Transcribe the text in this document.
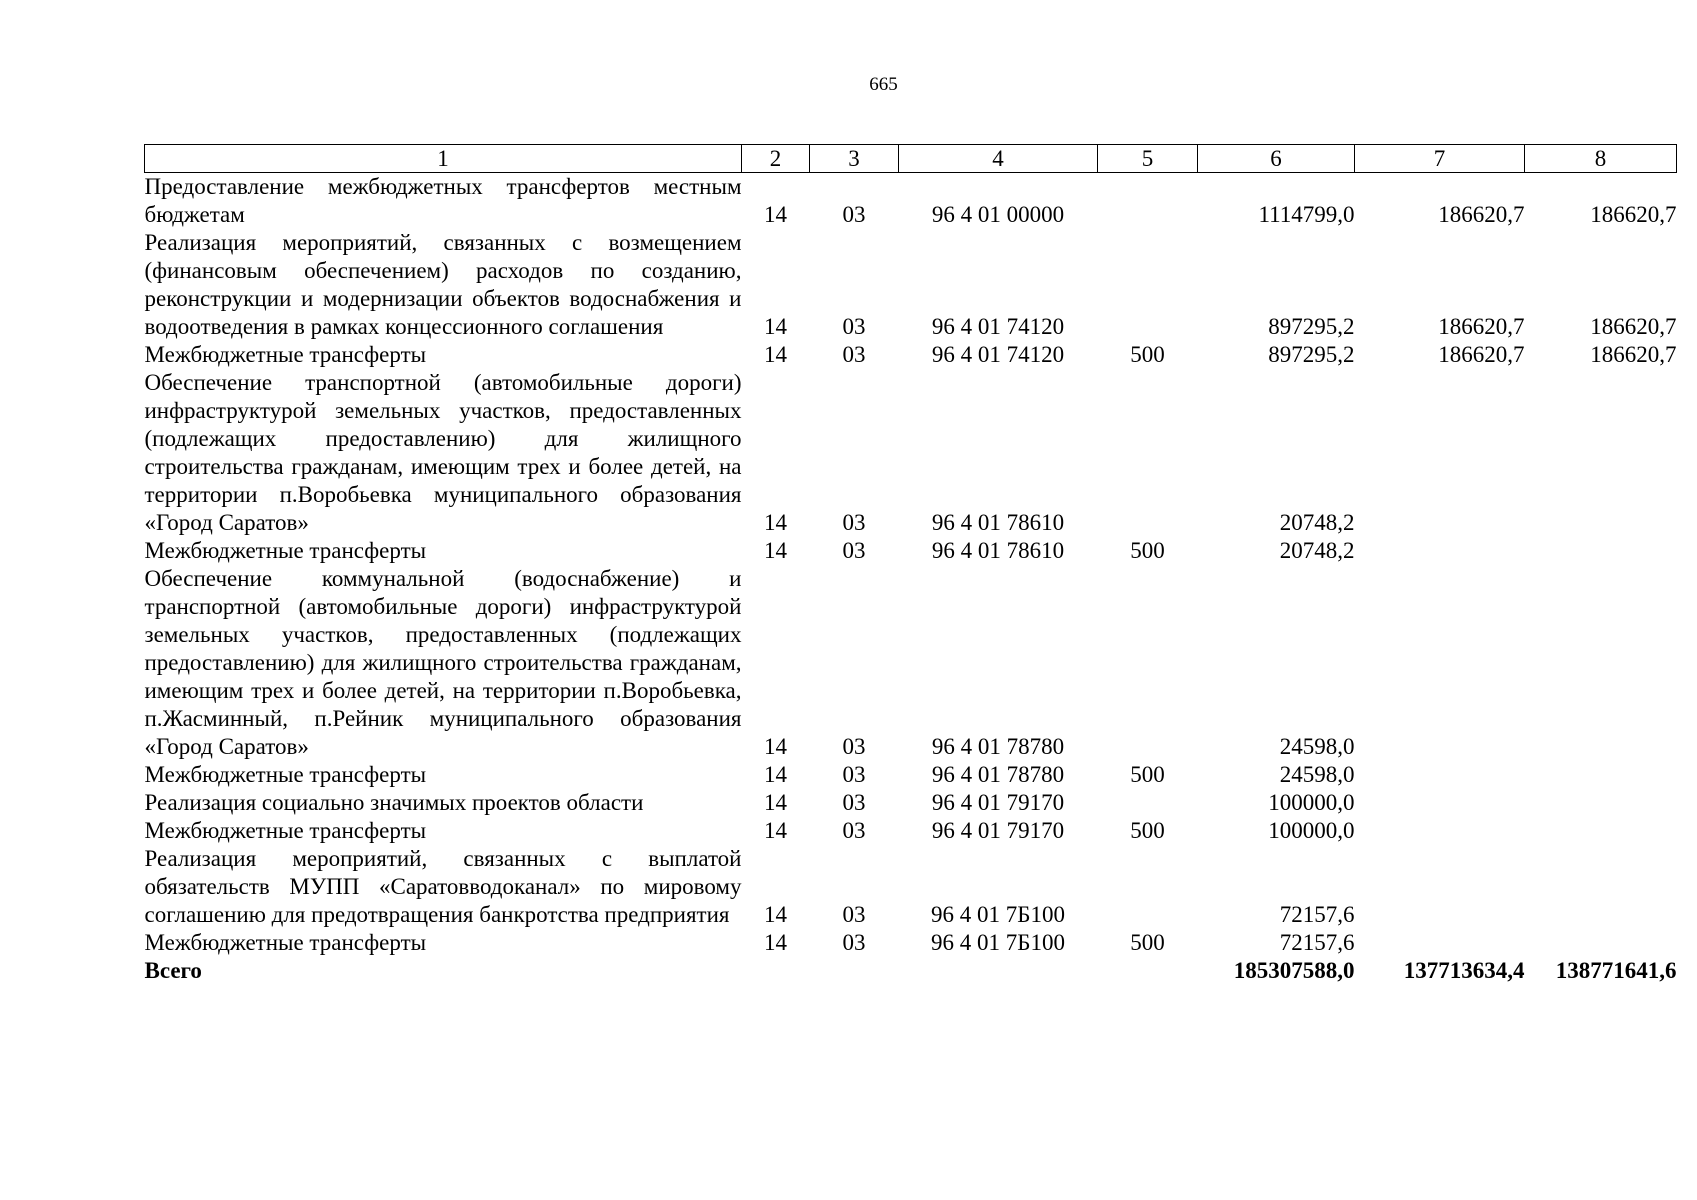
665
1	2	3	4	5	6	7	8
Предоставление межбюджетных трансфертов местным бюджетам	14	03	96 4 01 00000		1114799,0	186620,7	186620,7
Реализация мероприятий, связанных с возмещением (финансовым обеспечением) расходов по созданию, реконструкции и модернизации объектов водоснабжения и водоотведения в рамках концессионного соглашения	14	03	96 4 01 74120		897295,2	186620,7	186620,7
Межбюджетные трансферты	14	03	96 4 01 74120	500	897295,2	186620,7	186620,7
Обеспечение транспортной (автомобильные дороги) инфраструктурой земельных участков, предоставленных (подлежащих предоставлению) для жилищного строительства гражданам, имеющим трех и более детей, на территории п.Воробьевка муниципального образования «Город Саратов»	14	03	96 4 01 78610		20748,2		
Межбюджетные трансферты	14	03	96 4 01 78610	500	20748,2		
Обеспечение коммунальной (водоснабжение) и транспортной (автомобильные дороги) инфраструктурой земельных участков, предоставленных (подлежащих предоставлению) для жилищного строительства гражданам, имеющим трех и более детей, на территории п.Воробьевка, п.Жасминный, п.Рейник муниципального образования «Город Саратов»	14	03	96 4 01 78780		24598,0		
Межбюджетные трансферты	14	03	96 4 01 78780	500	24598,0		
Реализация социально значимых проектов области	14	03	96 4 01 79170		100000,0		
Межбюджетные трансферты	14	03	96 4 01 79170	500	100000,0		
Реализация мероприятий, связанных с выплатой обязательств МУПП «Саратовводоканал» по мировому соглашению для предотвращения банкротства предприятия	14	03	96 4 01 7Б100		72157,6		
Межбюджетные трансферты	14	03	96 4 01 7Б100	500	72157,6		
Всего					185307588,0	137713634,4	138771641,6
